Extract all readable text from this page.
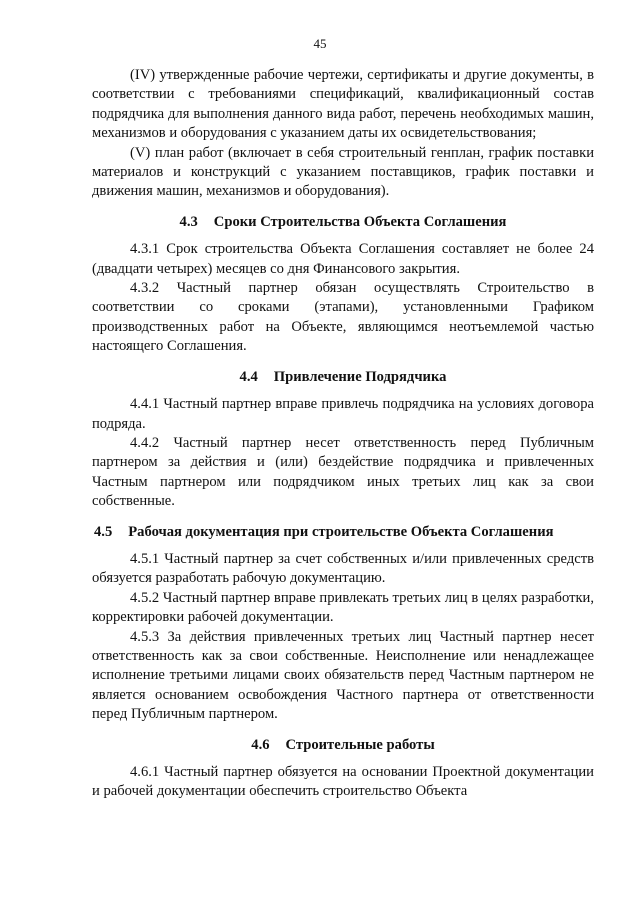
45

(IV) утвержденные рабочие чертежи, сертификаты и другие документы, в соответствии с требованиями спецификаций, квалификационный состав подрядчика для выполнения данного вида работ, перечень необходимых машин, механизмов и оборудования с указанием даты их освидетельствования;

(V) план работ (включает в себя строительный генплан, график поставки материалов и конструкций с указанием поставщиков, график поставки и движения машин, механизмов и оборудования).

4.3 Сроки Строительства Объекта Соглашения

4.3.1 Срок строительства Объекта Соглашения составляет не более 24 (двадцати четырех) месяцев со дня Финансового закрытия.

4.3.2 Частный партнер обязан осуществлять Строительство в соответствии со сроками (этапами), установленными Графиком производственных работ на Объекте, являющимся неотъемлемой частью настоящего Соглашения.

4.4 Привлечение Подрядчика

4.4.1 Частный партнер вправе привлечь подрядчика на условиях договора подряда.

4.4.2 Частный партнер несет ответственность перед Публичным партнером за действия и (или) бездействие подрядчика и привлеченных Частным партнером или подрядчиком иных третьих лиц как за свои собственные.

4.5 Рабочая документация при строительстве Объекта Соглашения

4.5.1 Частный партнер за счет собственных и/или привлеченных средств обязуется разработать рабочую документацию.

4.5.2 Частный партнер вправе привлекать третьих лиц в целях разработки, корректировки рабочей документации.

4.5.3 За действия привлеченных третьих лиц Частный партнер несет ответственность как за свои собственные. Неисполнение или ненадлежащее исполнение третьими лицами своих обязательств перед Частным партнером не является основанием освобождения Частного партнера от ответственности перед Публичным партнером.

4.6 Строительные работы

4.6.1 Частный партнер обязуется на основании Проектной документации и рабочей документации обеспечить строительство Объекта
